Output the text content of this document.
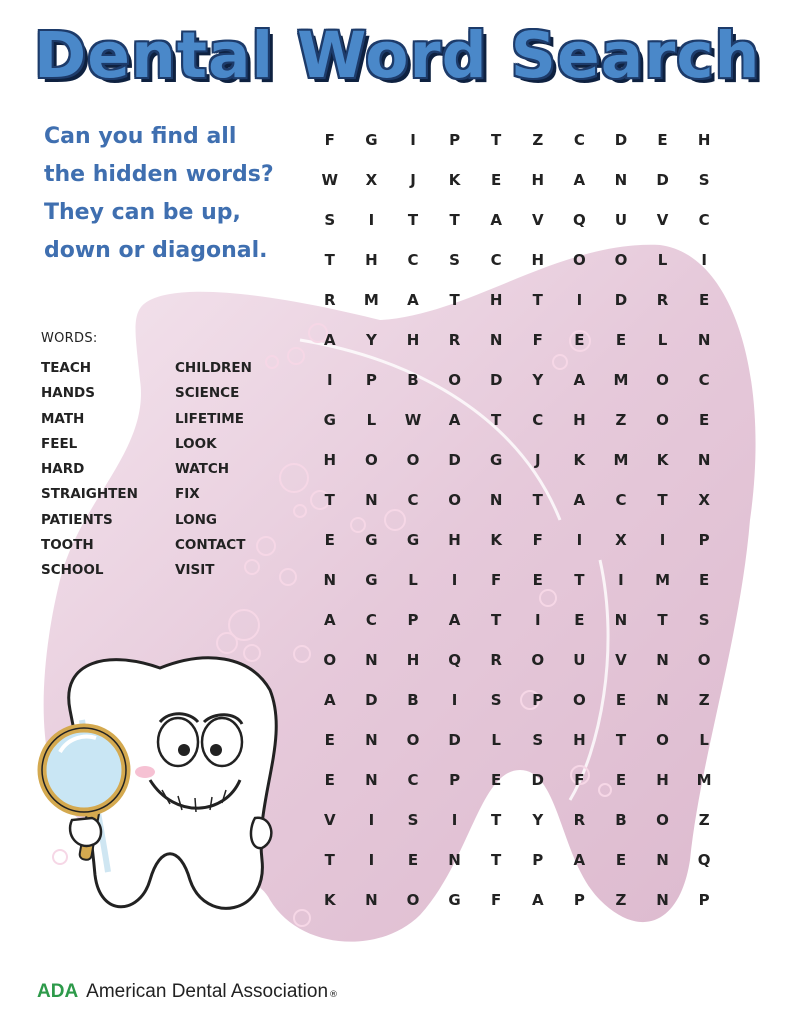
Dental Word Search
Can you find all
the hidden words?
They can be up,
down or diagonal.
WORDS:
TEACH
HANDS
MATH
FEEL
HARD
STRAIGHTEN
PATIENTS
TOOTH
SCHOOL
CHILDREN
SCIENCE
LIFETIME
LOOK
WATCH
FIX
LONG
CONTACT
VISIT
F	G	I	P	T	Z	C	D	E	H
W	X	J	K	E	H	A	N	D	S
S	I	T	T	A	V	Q	U	V	C
T	H	C	S	C	H	O	O	L	I
R	M	A	T	H	T	I	D	R	E
A	Y	H	R	N	F	E	E	L	N
I	P	B	O	D	Y	A	M	O	C
G	L	W	A	T	C	H	Z	O	E
H	O	O	D	G	J	K	M	K	N
T	N	C	O	N	T	A	C	T	X
E	G	G	H	K	F	I	X	I	P
N	G	L	I	F	E	T	I	M	E
A	C	P	A	T	I	E	N	T	S
O	N	H	Q	R	O	U	V	N	O
A	D	B	I	S	P	O	E	N	Z
E	N	O	D	L	S	H	T	O	L
E	N	C	P	E	D	F	E	H	M
V	I	S	I	T	Y	R	B	O	Z
T	I	E	N	T	P	A	E	N	Q
K	N	O	G	F	A	P	Z	N	P
ADA American Dental Association ®
